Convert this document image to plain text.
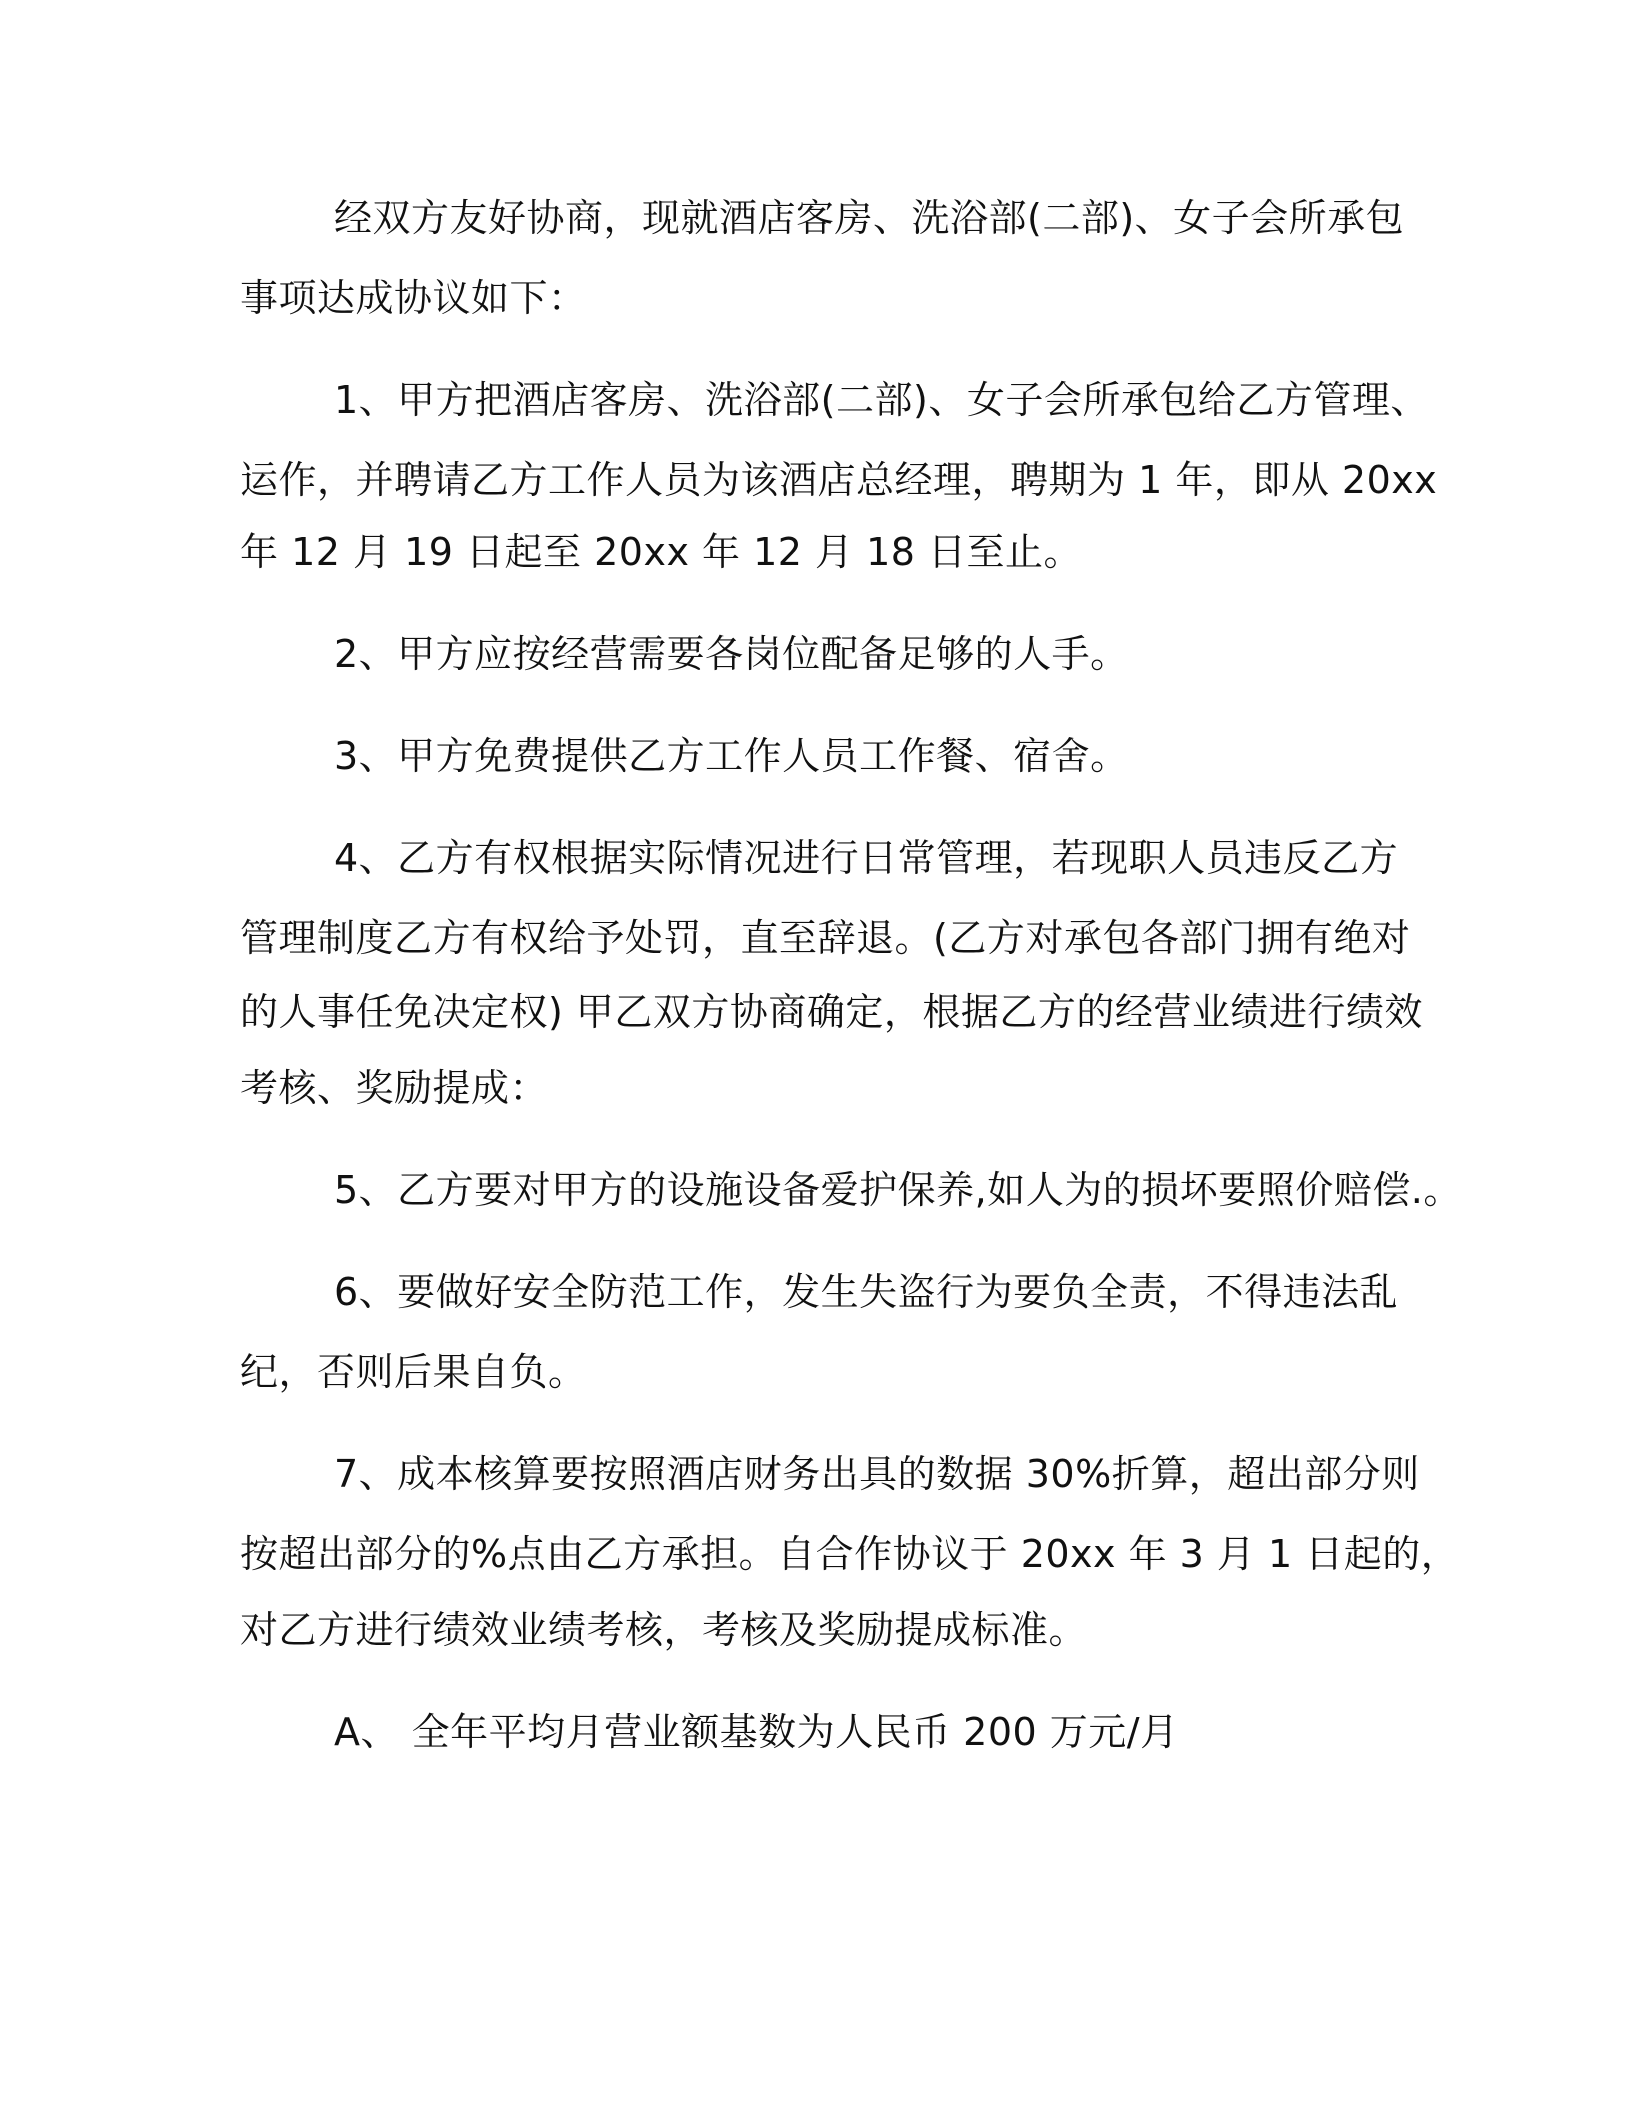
经双方友好协商，现就酒店客房、洗浴部(二部)、女子会所承包
事项达成协议如下：
1、甲方把酒店客房、洗浴部(二部)、女子会所承包给乙方管理、
运作，并聘请乙方工作人员为该酒店总经理，聘期为 1 年，即从 20xx
年 12 月 19 日起至 20xx 年 12 月 18 日至止。
2、甲方应按经营需要各岗位配备足够的人手。
3、甲方免费提供乙方工作人员工作餐、宿舍。
4、乙方有权根据实际情况进行日常管理，若现职人员违反乙方
管理制度乙方有权给予处罚，直至辞退。(乙方对承包各部门拥有绝对
的人事任免决定权) 甲乙双方协商确定，根据乙方的经营业绩进行绩效
考核、奖励提成：
5、乙方要对甲方的设施设备爱护保养,如人为的损坏要照价赔偿.。
6、要做好安全防范工作，发生失盗行为要负全责，不得违法乱
纪，否则后果自负。
7、成本核算要按照酒店财务出具的数据 30%折算，超出部分则
按超出部分的%点由乙方承担。自合作协议于 20xx 年 3 月 1 日起的，
对乙方进行绩效业绩考核，考核及奖励提成标准。
A、 全年平均月营业额基数为人民币 200 万元/月
